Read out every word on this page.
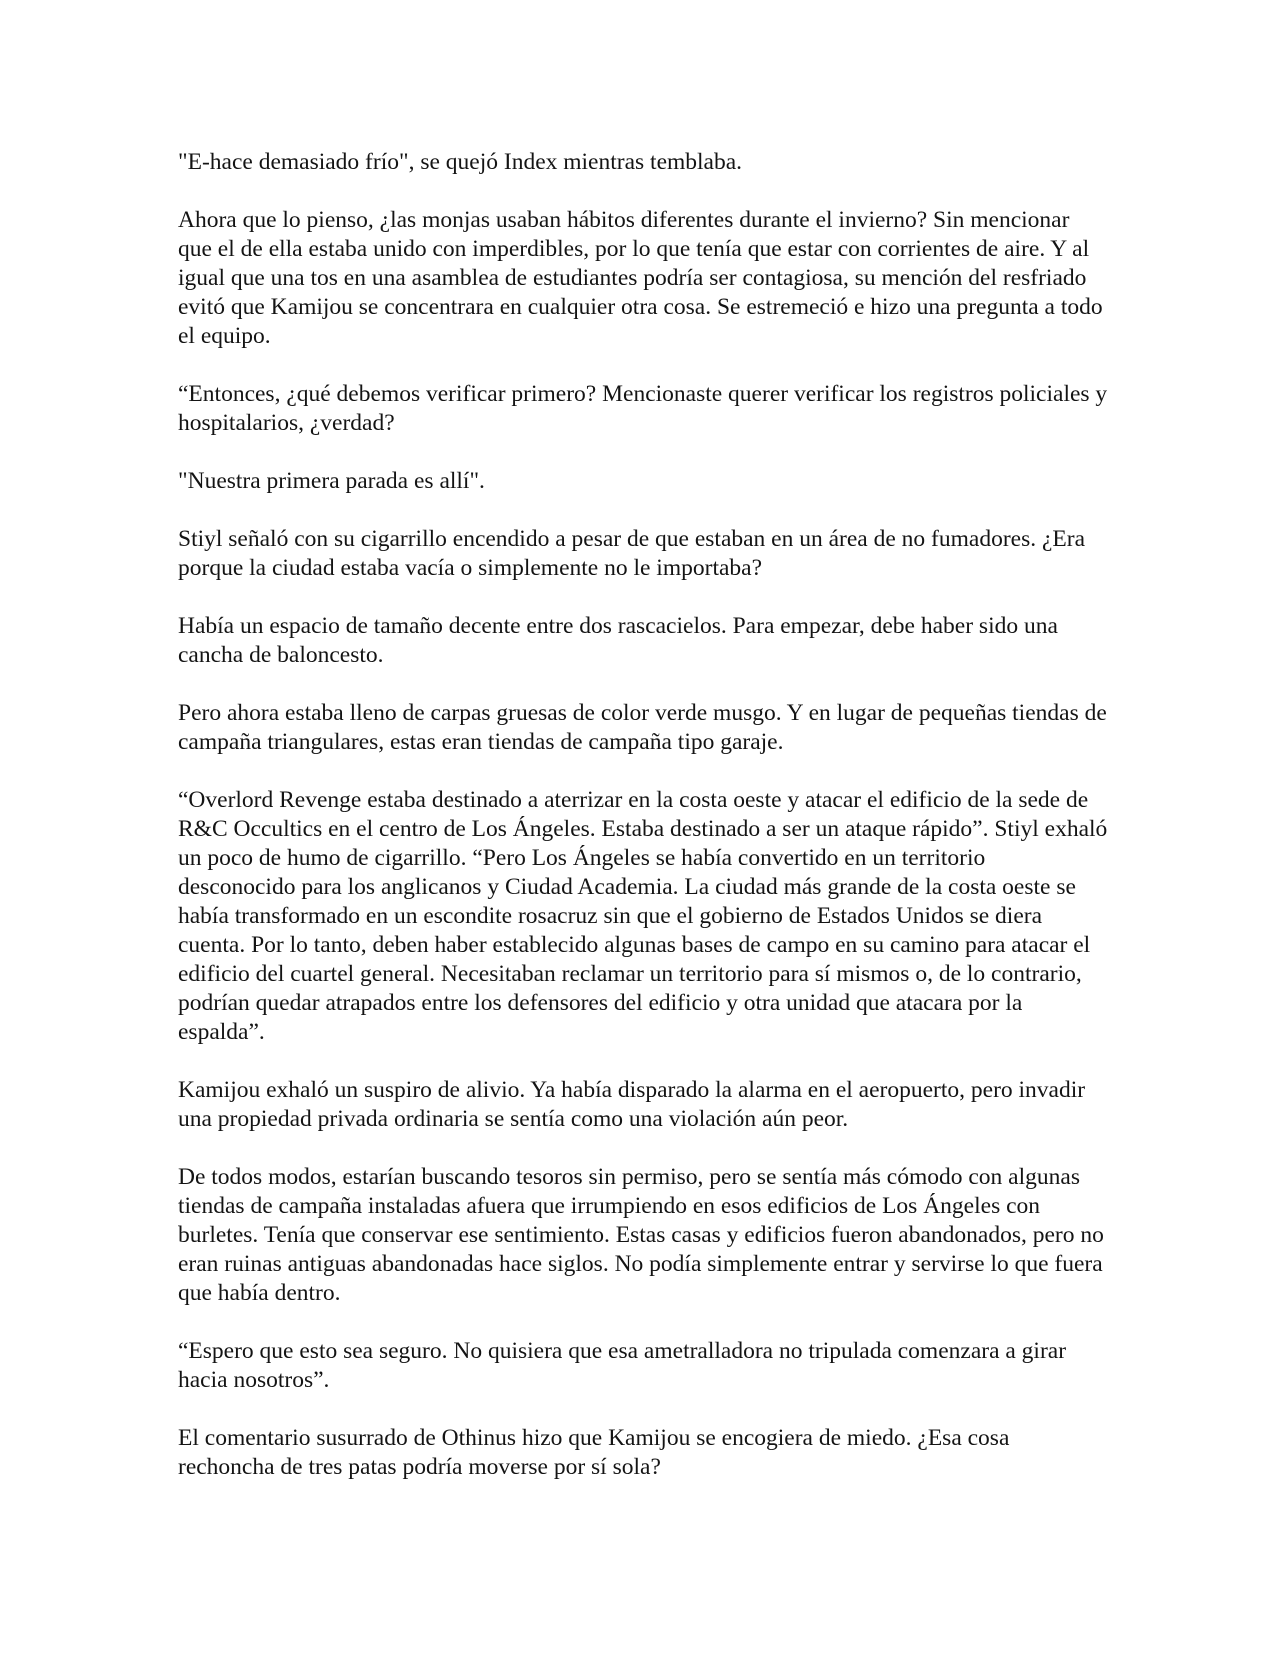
"E-hace demasiado frío", se quejó Index mientras temblaba.

Ahora que lo pienso, ¿las monjas usaban hábitos diferentes durante el invierno? Sin mencionar que el de ella estaba unido con imperdibles, por lo que tenía que estar con corrientes de aire. Y al igual que una tos en una asamblea de estudiantes podría ser contagiosa, su mención del resfriado evitó que Kamijou se concentrara en cualquier otra cosa. Se estremeció e hizo una pregunta a todo el equipo.

“Entonces, ¿qué debemos verificar primero? Mencionaste querer verificar los registros policiales y hospitalarios, ¿verdad?

"Nuestra primera parada es allí".

Stiyl señaló con su cigarrillo encendido a pesar de que estaban en un área de no fumadores. ¿Era porque la ciudad estaba vacía o simplemente no le importaba?

Había un espacio de tamaño decente entre dos rascacielos. Para empezar, debe haber sido una cancha de baloncesto.

Pero ahora estaba lleno de carpas gruesas de color verde musgo. Y en lugar de pequeñas tiendas de campaña triangulares, estas eran tiendas de campaña tipo garaje.

“Overlord Revenge estaba destinado a aterrizar en la costa oeste y atacar el edificio de la sede de R&C Occultics en el centro de Los Ángeles. Estaba destinado a ser un ataque rápido”. Stiyl exhaló un poco de humo de cigarrillo. “Pero Los Ángeles se había convertido en un territorio desconocido para los anglicanos y Ciudad Academia. La ciudad más grande de la costa oeste se había transformado en un escondite rosacruz sin que el gobierno de Estados Unidos se diera cuenta. Por lo tanto, deben haber establecido algunas bases de campo en su camino para atacar el edificio del cuartel general. Necesitaban reclamar un territorio para sí mismos o, de lo contrario, podrían quedar atrapados entre los defensores del edificio y otra unidad que atacara por la espalda”.

Kamijou exhaló un suspiro de alivio. Ya había disparado la alarma en el aeropuerto, pero invadir una propiedad privada ordinaria se sentía como una violación aún peor.

De todos modos, estarían buscando tesoros sin permiso, pero se sentía más cómodo con algunas tiendas de campaña instaladas afuera que irrumpiendo en esos edificios de Los Ángeles con burletes. Tenía que conservar ese sentimiento. Estas casas y edificios fueron abandonados, pero no eran ruinas antiguas abandonadas hace siglos. No podía simplemente entrar y servirse lo que fuera que había dentro.

“Espero que esto sea seguro. No quisiera que esa ametralladora no tripulada comenzara a girar hacia nosotros”.

El comentario susurrado de Othinus hizo que Kamijou se encogiera de miedo. ¿Esa cosa rechoncha de tres patas podría moverse por sí sola?
